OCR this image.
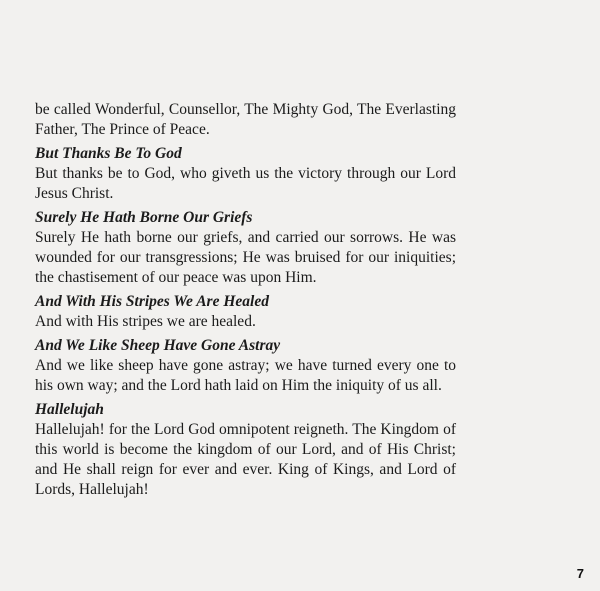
be called Wonderful, Counsellor, The Mighty God, The Everlasting Father, The Prince of Peace.

But Thanks Be To God

But thanks be to God, who giveth us the victory through our Lord Jesus Christ.

Surely He Hath Borne Our Griefs

Surely He hath borne our griefs, and carried our sorrows. He was wounded for our transgressions; He was bruised for our iniquities; the chastisement of our peace was upon Him.

And With His Stripes We Are Healed

And with His stripes we are healed.

And We Like Sheep Have Gone Astray

And we like sheep have gone astray; we have turned every one to his own way; and the Lord hath laid on Him the iniquity of us all.

Hallelujah

Hallelujah! for the Lord God omnipotent reigneth. The Kingdom of this world is become the kingdom of our Lord, and of His Christ; and He shall reign for ever and ever. King of Kings, and Lord of Lords, Hallelujah!

7
